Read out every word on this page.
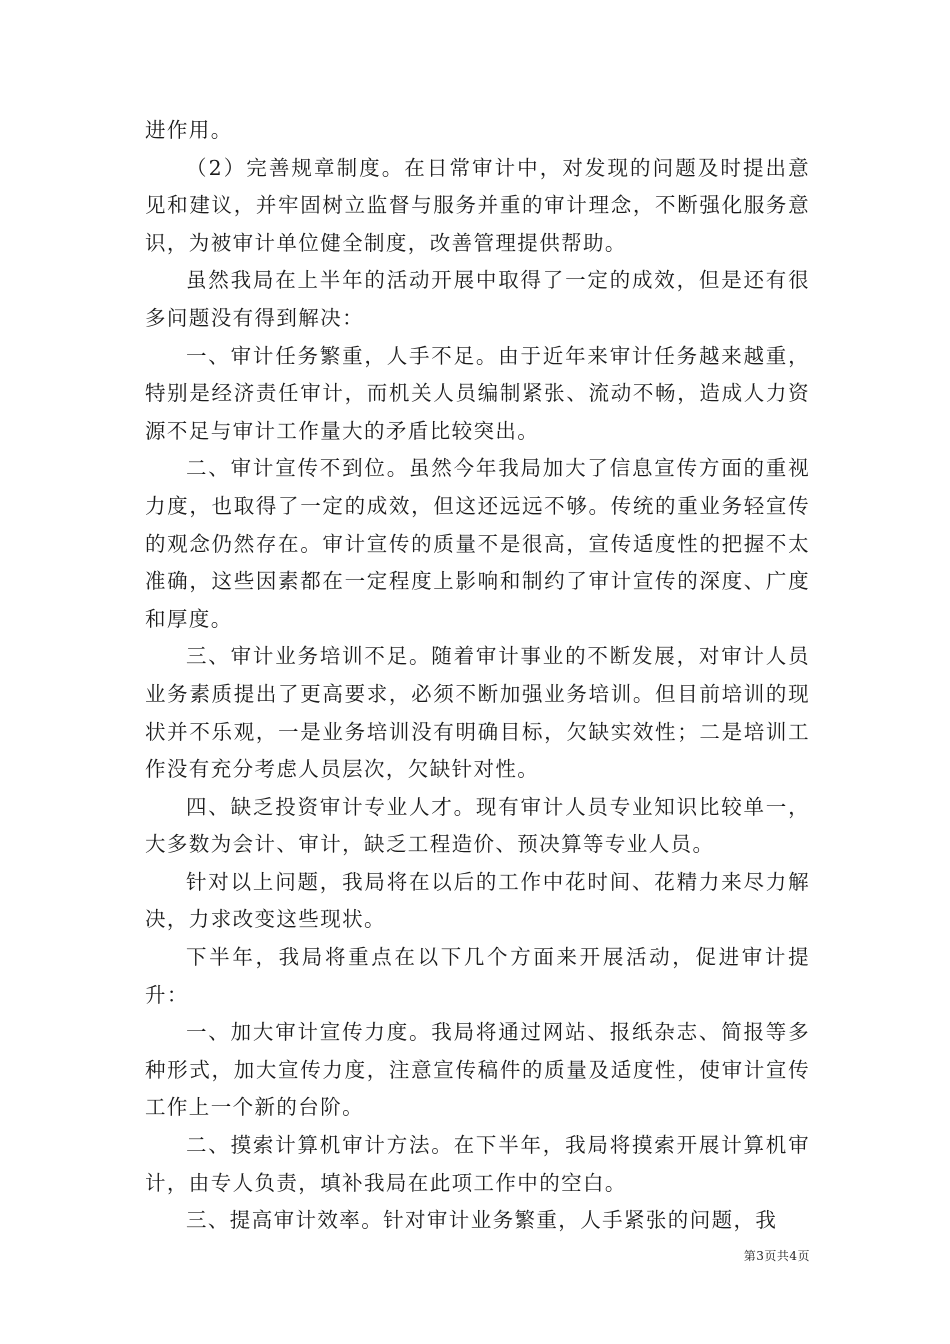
进作用。

（2）完善规章制度。在日常审计中，对发现的问题及时提出意见和建议，并牢固树立监督与服务并重的审计理念，不断强化服务意识，为被审计单位健全制度，改善管理提供帮助。

虽然我局在上半年的活动开展中取得了一定的成效，但是还有很多问题没有得到解决：

一、审计任务繁重，人手不足。由于近年来审计任务越来越重，特别是经济责任审计，而机关人员编制紧张、流动不畅，造成人力资源不足与审计工作量大的矛盾比较突出。

二、审计宣传不到位。虽然今年我局加大了信息宣传方面的重视力度，也取得了一定的成效，但这还远远不够。传统的重业务轻宣传的观念仍然存在。审计宣传的质量不是很高，宣传适度性的把握不太准确，这些因素都在一定程度上影响和制约了审计宣传的深度、广度和厚度。

三、审计业务培训不足。随着审计事业的不断发展，对审计人员业务素质提出了更高要求，必须不断加强业务培训。但目前培训的现状并不乐观，一是业务培训没有明确目标，欠缺实效性；二是培训工作没有充分考虑人员层次，欠缺针对性。

四、缺乏投资审计专业人才。现有审计人员专业知识比较单一，大多数为会计、审计，缺乏工程造价、预决算等专业人员。

针对以上问题，我局将在以后的工作中花时间、花精力来尽力解决，力求改变这些现状。

下半年，我局将重点在以下几个方面来开展活动，促进审计提升：

一、加大审计宣传力度。我局将通过网站、报纸杂志、简报等多种形式，加大宣传力度，注意宣传稿件的质量及适度性，使审计宣传工作上一个新的台阶。

二、摸索计算机审计方法。在下半年，我局将摸索开展计算机审计，由专人负责，填补我局在此项工作中的空白。

三、提高审计效率。针对审计业务繁重，人手紧张的问题，我

第3页共4页
